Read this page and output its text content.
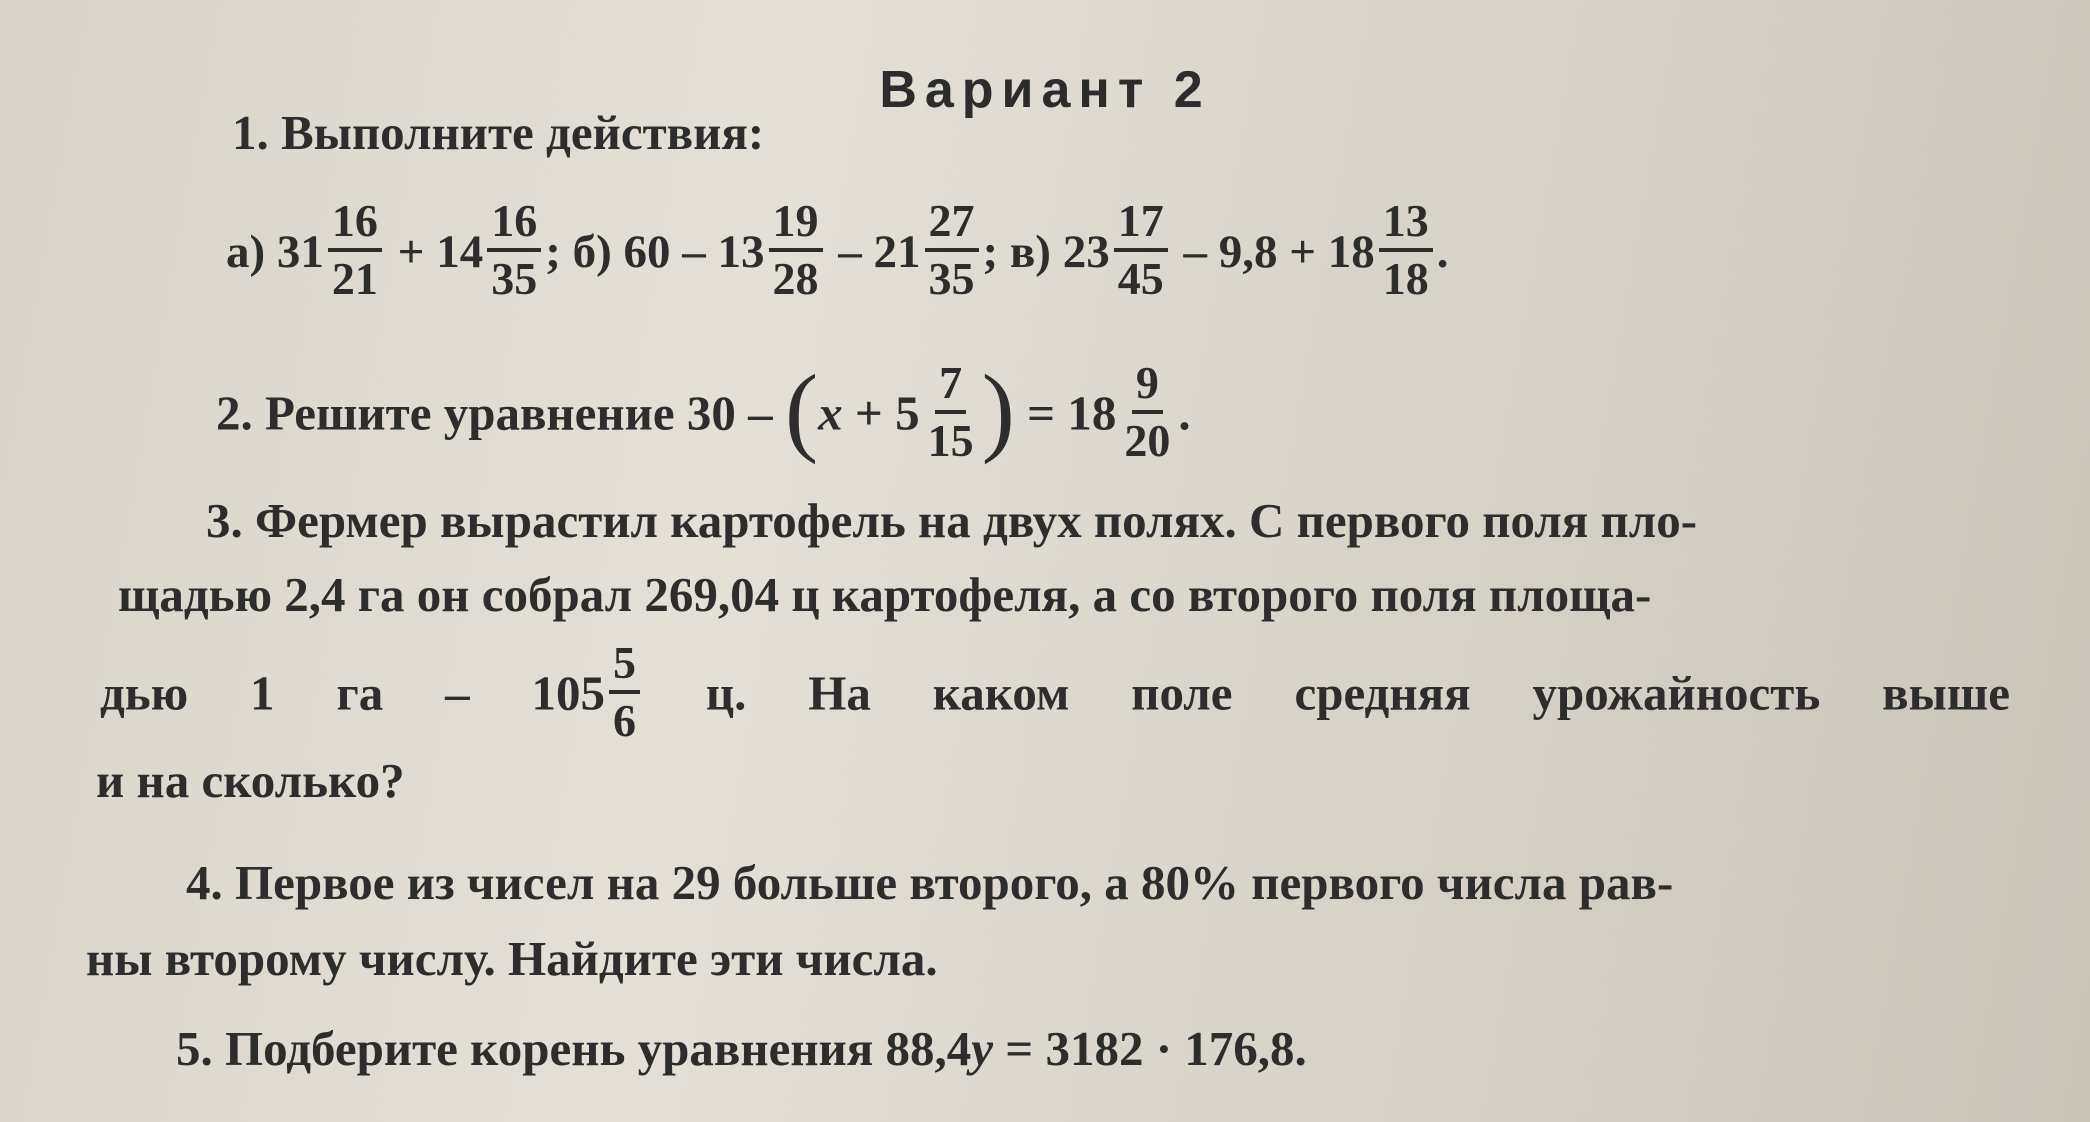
Вариант 2
1. Выполните действия:
а) $31 \frac{16}{21} + 14 \frac{16}{35}$ ; б) $60 - 13 \frac{19}{28} - 21 \frac{27}{35}$ ; в) $23 \frac{17}{45} - 9,8 + 18 \frac{13}{18}$ .
2. Решите уравнение $30 - (x + 5 \frac{7}{15}$ ) = $18 \frac{9}{20}$ .
3. Фермер вырастил картофель на двух полях. С первого поля пло-
щадью 2,4 га он собрал 269,04 ц картофеля, а со второго поля площа-
дью 1 га – $105 \frac{5}{6} ц$. На каком поле средняя урожайность выше
и на сколько?
4. Первое из чисел на 29 больше второго, а 80% первого числа рав-
ны второму числу. Найдите эти числа.
5. Подберите корень уравнения 88,4y = 3182 · 176,8.
